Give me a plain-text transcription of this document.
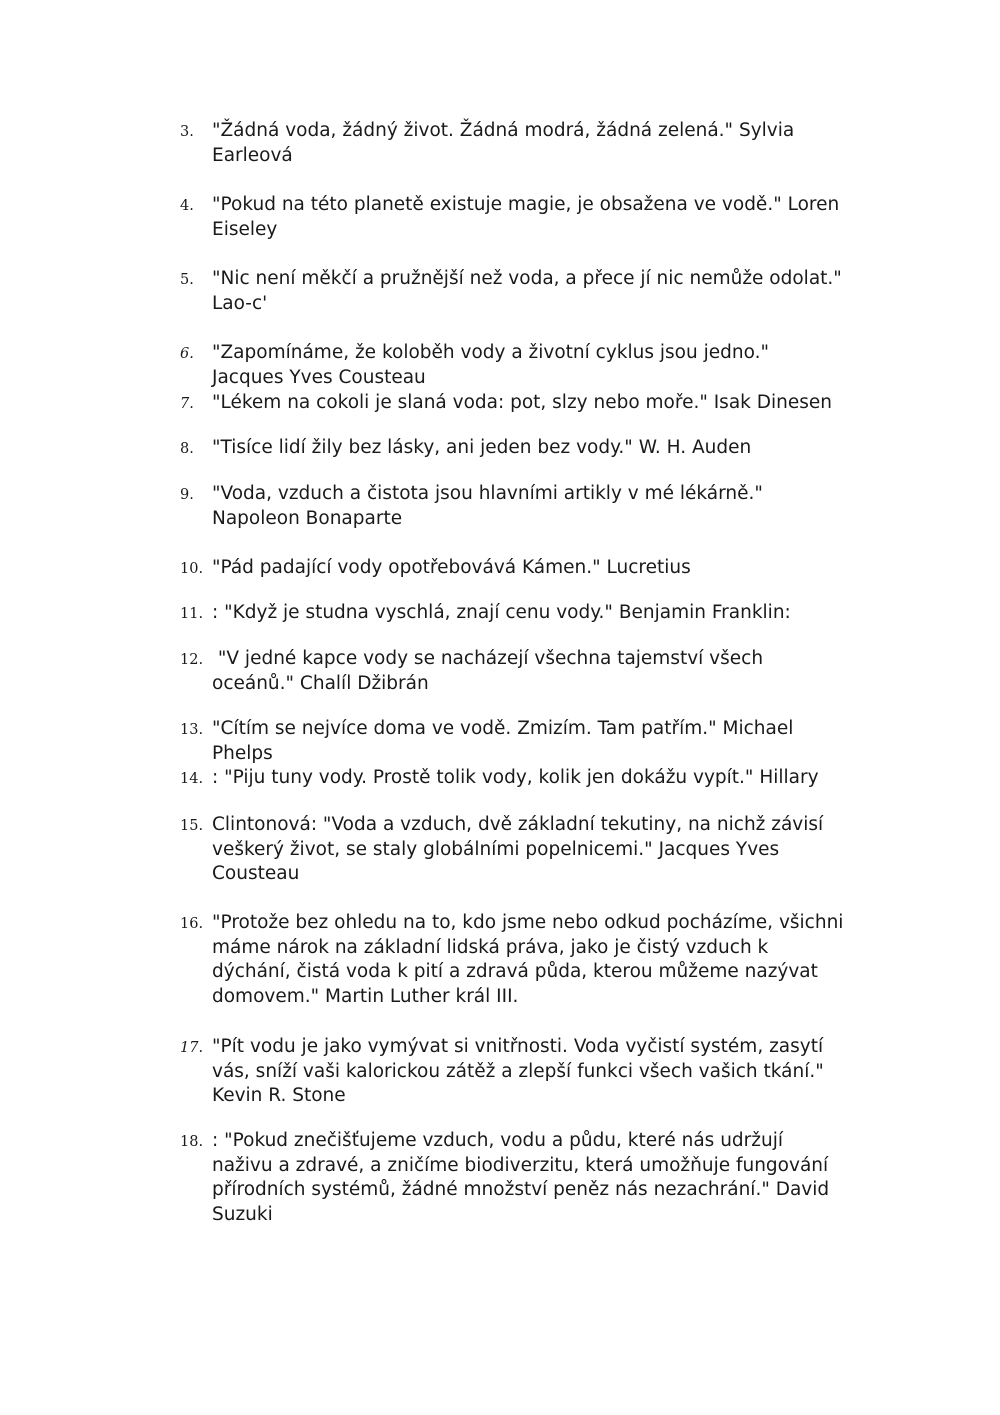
3. "Žádná voda, žádný život. Žádná modrá, žádná zelená." Sylvia
Earleová
4. "Pokud na této planetě existuje magie, je obsažena ve vodě." Loren
Eiseley
5. "Nic není měkčí a pružnější než voda, a přece jí nic nemůže odolat."
Lao-c'
6. "Zapomínáme, že koloběh vody a životní cyklus jsou jedno."
Jacques Yves Cousteau
7. "Lékem na cokoli je slaná voda: pot, slzy nebo moře." Isak Dinesen
8. "Tisíce lidí žily bez lásky, ani jeden bez vody." W. H. Auden
9. "Voda, vzduch a čistota jsou hlavními artikly v mé lékárně."
Napoleon Bonaparte
10. "Pád padající vody opotřebovává Kámen." Lucretius
11. : "Když je studna vyschlá, znají cenu vody." Benjamin Franklin:
12. "V jedné kapce vody se nacházejí všechna tajemství všech
oceánů." Chalíl Džibrán
13. "Cítím se nejvíce doma ve vodě. Zmizím. Tam patřím." Michael
Phelps
14. : "Piju tuny vody. Prostě tolik vody, kolik jen dokážu vypít." Hillary
15. Clintonová: "Voda a vzduch, dvě základní tekutiny, na nichž závisí
veškerý život, se staly globálními popelnicemi." Jacques Yves
Cousteau
16. "Protože bez ohledu na to, kdo jsme nebo odkud pocházíme, všichni
máme nárok na základní lidská práva, jako je čistý vzduch k
dýchání, čistá voda k pití a zdravá půda, kterou můžeme nazývat
domovem." Martin Luther král III.
17. "Pít vodu je jako vymývat si vnitřnosti. Voda vyčistí systém, zasytí
vás, sníží vaši kalorickou zátěž a zlepší funkci všech vašich tkání."
Kevin R. Stone
18. : "Pokud znečišťujeme vzduch, vodu a půdu, které nás udržují
naživu a zdravé, a zničíme biodiverzitu, která umožňuje fungování
přírodních systémů, žádné množství peněz nás nezachrání." David
Suzuki
